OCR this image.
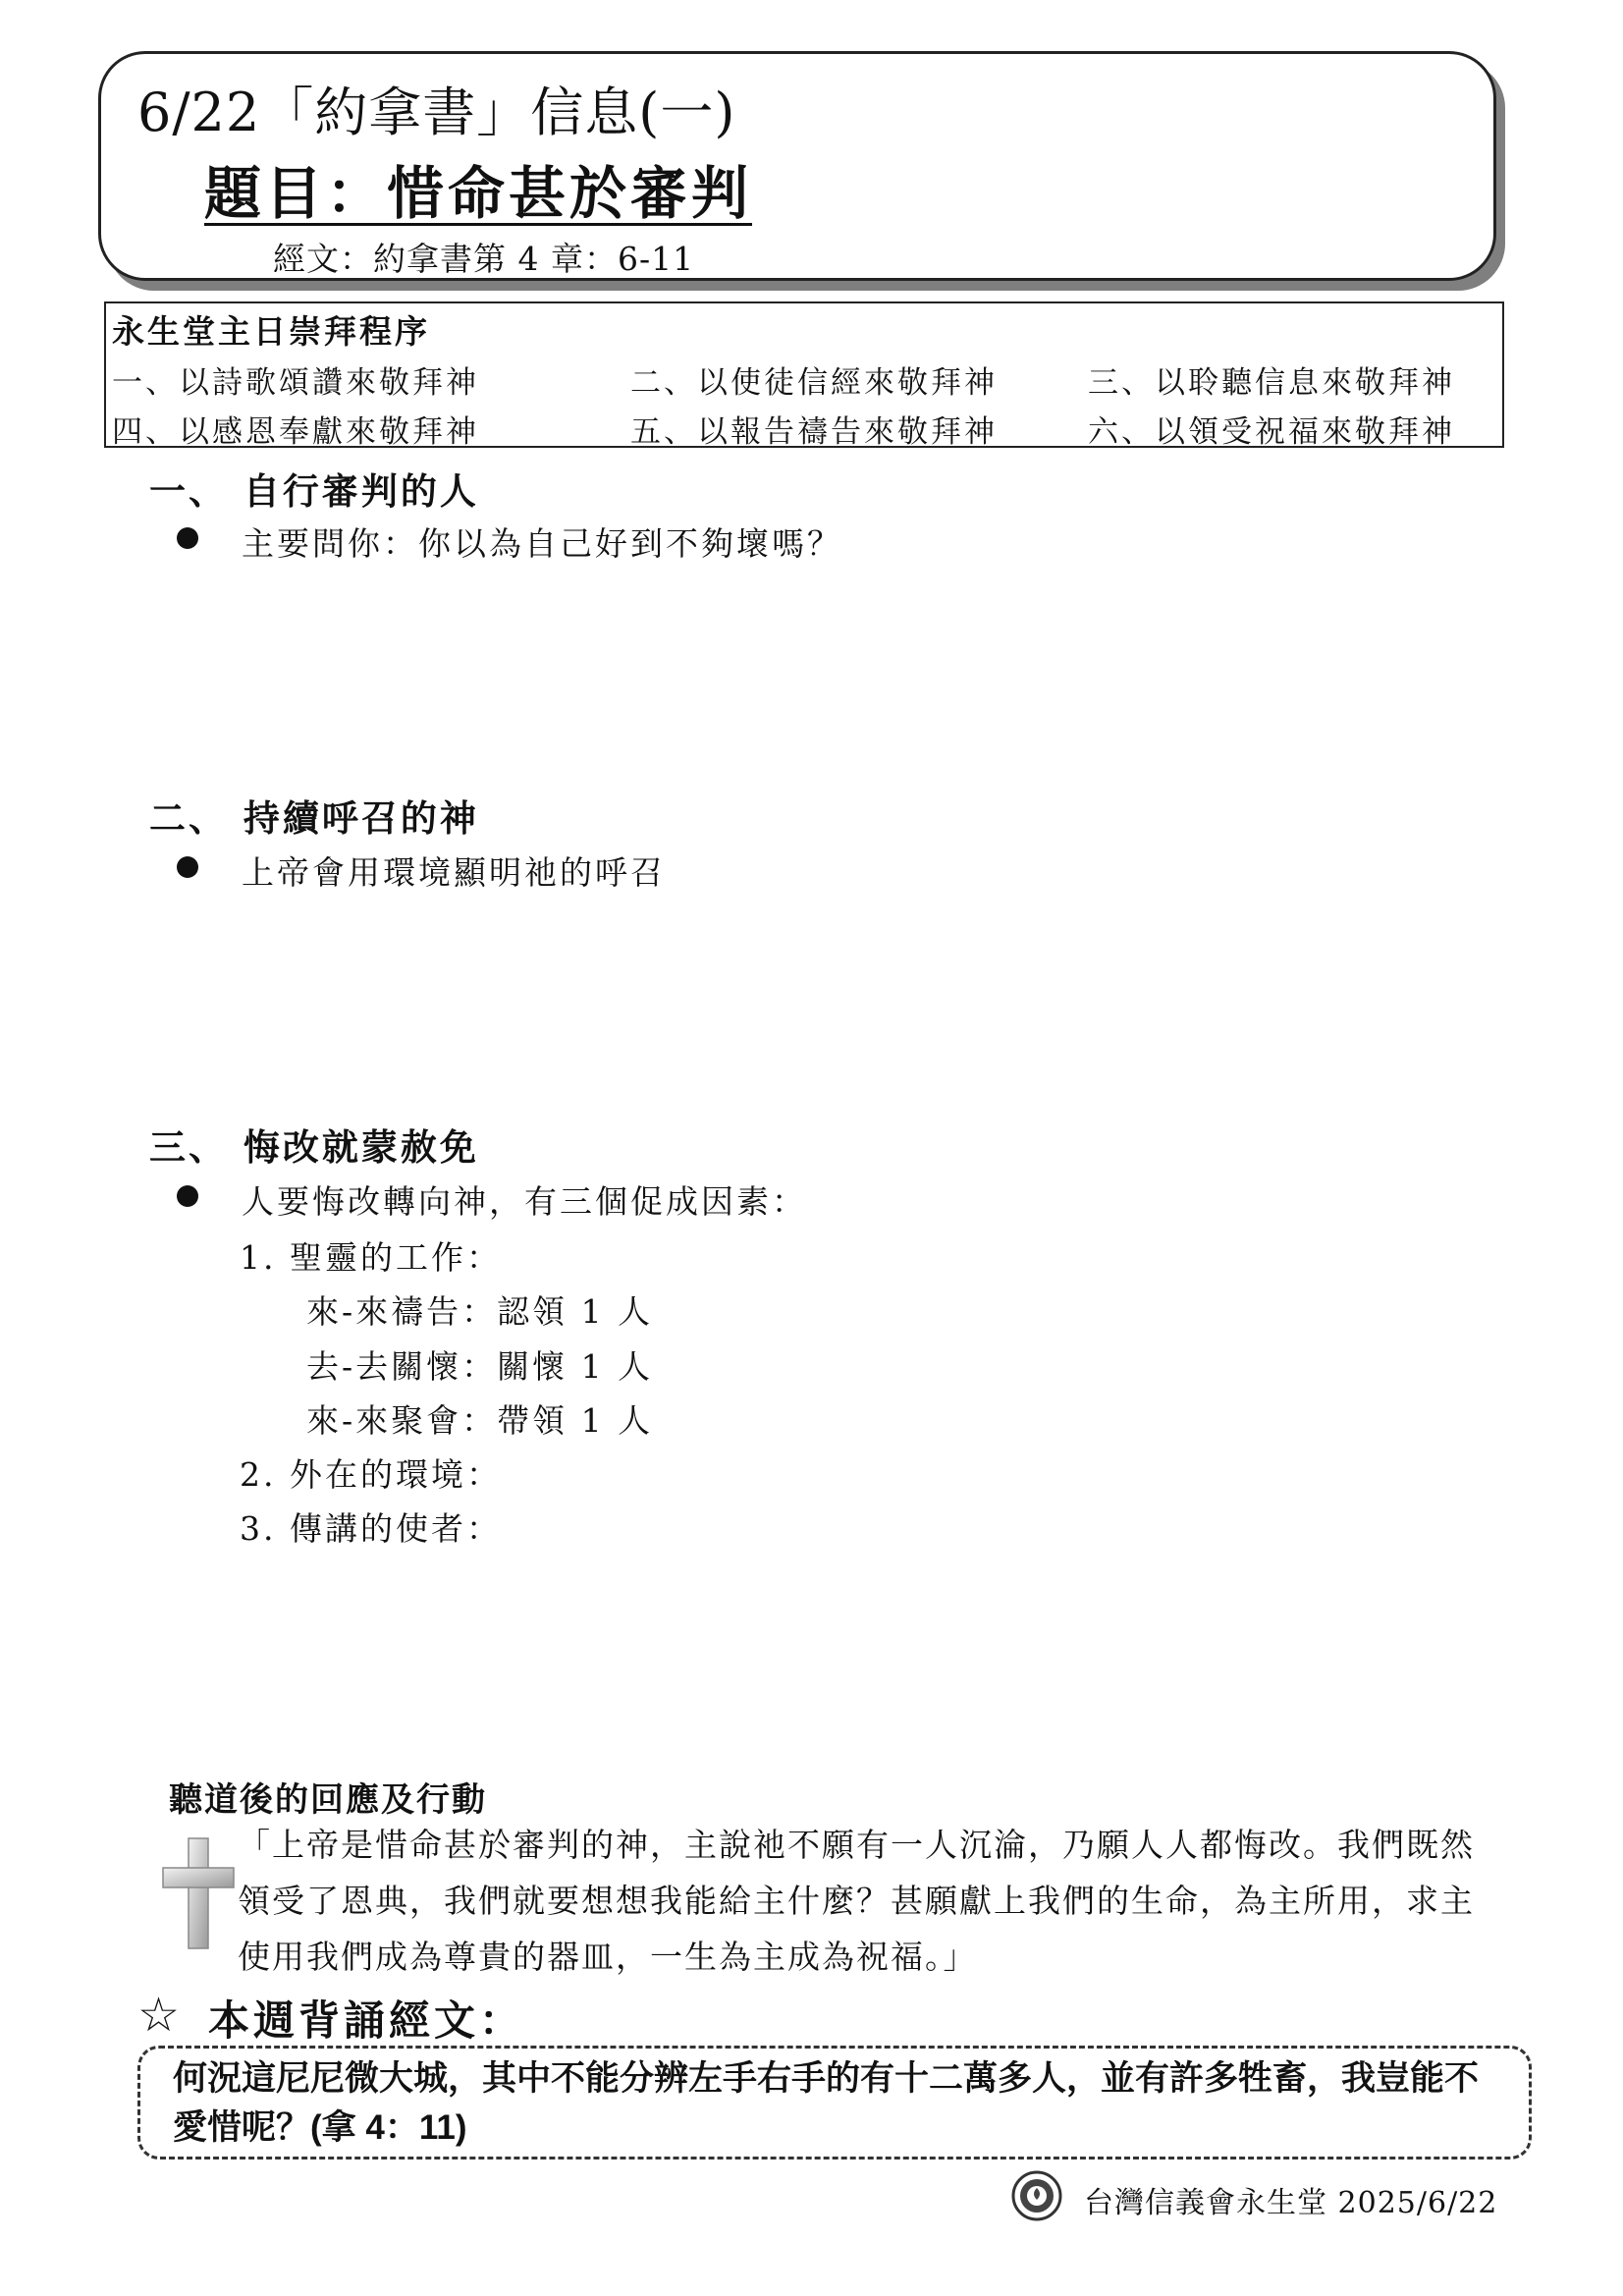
6/22「約拿書」信息(一)
題目：惜命甚於審判
經文：約拿書第 4 章：6-11
永生堂主日崇拜程序
一、以詩歌頌讚來敬拜神	二、以使徒信經來敬拜神	三、以聆聽信息來敬拜神
四、以感恩奉獻來敬拜神	五、以報告禱告來敬拜神	六、以領受祝福來敬拜神
一、 自行審判的人
主要問你：你以為自己好到不夠壞嗎？
二、 持續呼召的神
上帝會用環境顯明祂的呼召
三、 悔改就蒙赦免
人要悔改轉向神，有三個促成因素：
1. 聖靈的工作：
來-來禱告：認領 1 人
去-去關懷：關懷 1 人
來-來聚會：帶領 1 人
2. 外在的環境：
3. 傳講的使者：
聽道後的回應及行動
「上帝是惜命甚於審判的神，主說祂不願有一人沉淪，乃願人人都悔改。我們既然領受了恩典，我們就要想想我能給主什麼？甚願獻上我們的生命，為主所用，求主使用我們成為尊貴的器皿，一生為主成為祝福。」
☆ 本週背誦經文：
何況這尼尼微大城，其中不能分辨左手右手的有十二萬多人，並有許多牲畜，我豈能不愛惜呢？(拿 4：11)
台灣信義會永生堂 2025/6/22
